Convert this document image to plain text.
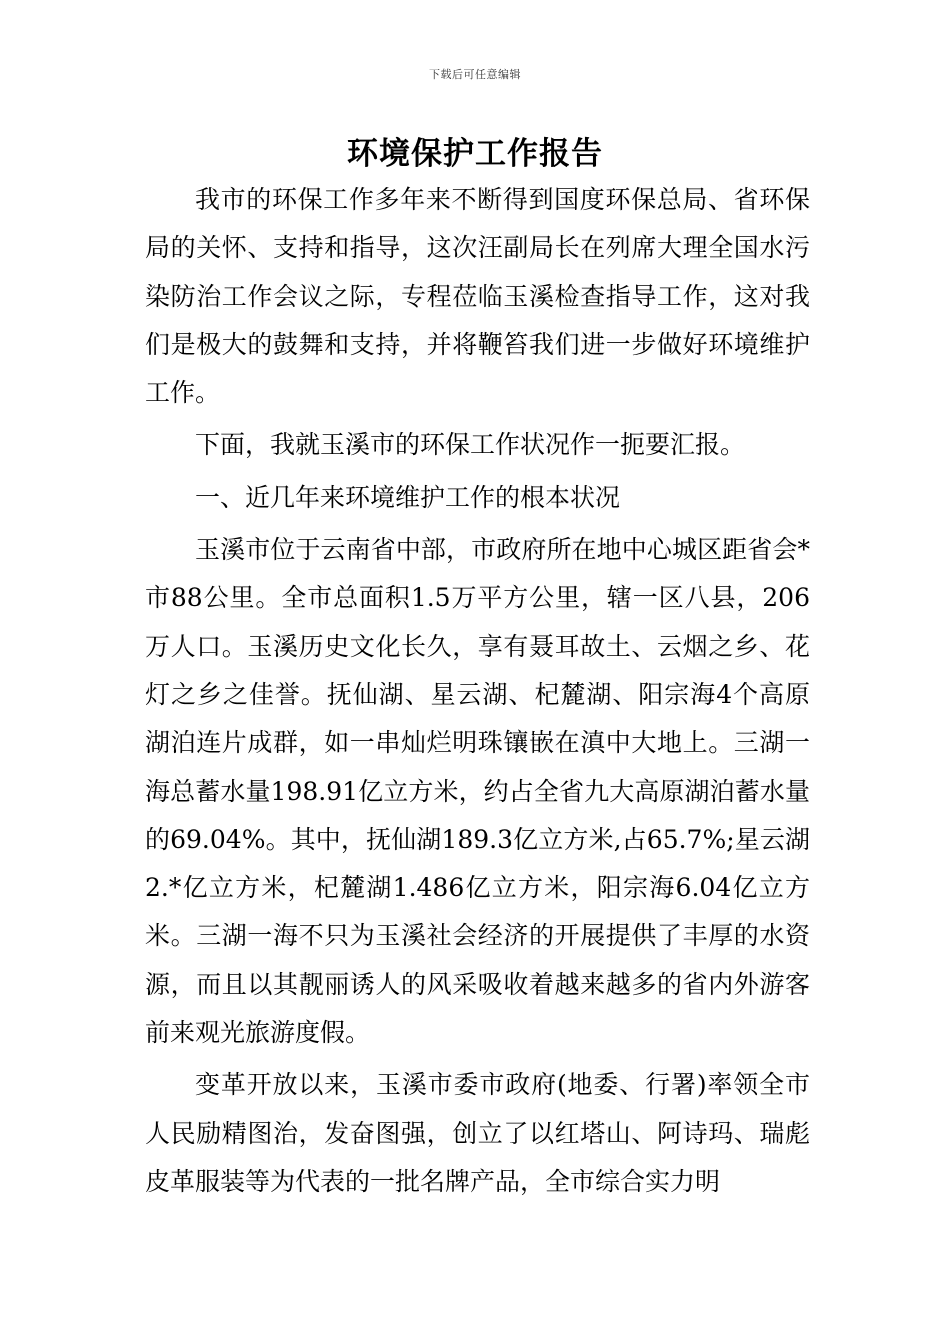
下载后可任意编辑
环境保护工作报告

我市的环保工作多年来不断得到国度环保总局、省环保局的关怀、支持和指导，这次汪副局长在列席大理全国水污染防治工作会议之际，专程莅临玉溪检查指导工作，这对我们是极大的鼓舞和支持，并将鞭笞我们进一步做好环境维护工作。

下面，我就玉溪市的环保工作状况作一扼要汇报。

一、近几年来环境维护工作的根本状况

玉溪市位于云南省中部，市政府所在地中心城区距省会*市88公里。全市总面积1.5万平方公里，辖一区八县，206万人口。玉溪历史文化长久，享有聂耳故土、云烟之乡、花灯之乡之佳誉。抚仙湖、星云湖、杞麓湖、阳宗海4个高原湖泊连片成群，如一串灿烂明珠镶嵌在滇中大地上。三湖一海总蓄水量198.91亿立方米，约占全省九大高原湖泊蓄水量的69.04%。其中，抚仙湖189.3亿立方米,占65.7%;星云湖2.*亿立方米，杞麓湖1.486亿立方米，阳宗海6.04亿立方米。三湖一海不只为玉溪社会经济的开展提供了丰厚的水资源，而且以其靓丽诱人的风采吸收着越来越多的省内外游客前来观光旅游度假。

变革开放以来，玉溪市委市政府(地委、行署)率领全市人民励精图治，发奋图强，创立了以红塔山、阿诗玛、瑞彪皮革服装等为代表的一批名牌产品，全市综合实力明
